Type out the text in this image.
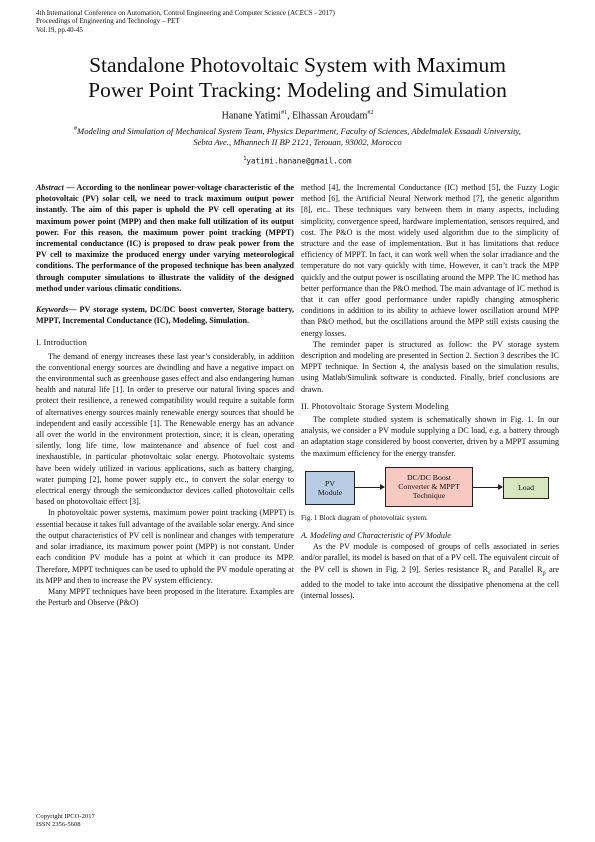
4th International Conference on Automation, Control Engineering and Computer Science (ACECS - 2017)
Proceedings of Engineering and Technology – PET
Vol.19, pp.40-45
Standalone Photovoltaic System with Maximum
Power Point Tracking: Modeling and Simulation
Hanane Yatimi$^{\#1}$, Elhassan Aroudam$^{\#2}$
#Modeling and Simulation of Mechanical System Team, Physics Department, Faculty of Sciences, Abdelmalek Essaadi University, Sebta Ave., Mhannech II BP 2121, Tetouan, 93002, Morocco
$^1$yatimi.hanane@gmail.com

Abstract — According to the nonlinear power-voltage characteristic of the photovoltaic (PV) solar cell, we need to track maximum output power instantly. The aim of this paper is uphold the PV cell operating at its maximum power point (MPP) and then make full utilization of its output power. For this reason, the maximum power point tracking (MPPT) incremental conductance (IC) is proposed to draw peak power from the PV cell to maximize the produced energy under varying meteorological conditions. The performance of the proposed technique has been analyzed through computer simulations to illustrate the validity of the designed method under various climatic conditions.

Keywords— PV storage system, DC/DC boost converter, Storage battery, MPPT, Incremental Conductance (IC), Modeling, Simulation.

I. Introduction

The demand of energy increases these last year’s considerably, in addition the conventional energy sources are dwindling and have a negative impact on the environmental such as greenhouse gases effect and also endangering human health and natural life [1]. In order to preserve our natural living spaces and protect their resilience, a renewed compatibility would require a suitable form of alternatives energy sources mainly renewable energy sources that should be independent and easily accessible [1]. The Renewable energy has an advance all over the world in the environment protection, since; it is clean, operating silently, long life time, low maintenance and absence of fuel cost and inexhaustible, in particular photovoltaic solar energy. Photovoltaic systems have been widely utilized in various applications, such as battery charging, water pumping [2], home power supply etc., to convert the solar energy to electrical energy through the semiconductor devices called photovoltaic cells based on photovoltaic effect [3].

In photovoltaic power systems, maximum power point tracking (MPPT) is essential because it takes full advantage of the available solar energy. And since the output characteristics of PV cell is nonlinear and changes with temperature and solar irradiance, its maximum power point (MPP) is not constant. Under each condition PV module has a point at which it can produce its MPP. Therefore, MPPT techniques can be used to uphold the PV module operating at its MPP and then to increase the PV system efficiency.

Many MPPT techniques have been proposed in the literature. Examples are the Perturb and Observe (P&O)

method [4], the Incremental Conductance (IC) method [5], the Fuzzy Logic method [6], the Artificial Neural Network method [7], the genetic algorithm [8], etc.. These techniques vary between them in many aspects, including simplicity, convergence speed, hardware implementation, sensors required, and cost. The P&O is the most widely used algorithm due to the simplicity of structure and the ease of implementation. But it has limitations that reduce efficiency of MPPT. In fact, it can work well when the solar irradiance and the temperature do not vary quickly with time. However, it can’t track the MPP quickly and the output power is oscillating around the MPP. The IC method has better performance than the P&O method. The main advantage of IC method is that it can offer good performance under rapidly changing atmospheric conditions in addition to its ability to achieve lower oscillation around MPP than P&O method, but the oscillations around the MPP still exists causing the energy losses.

The reminder paper is structured as follow: the PV storage system description and modeling are presented in Section 2. Section 3 describes the IC MPPT technique. In Section 4, the analysis based on the simulation results, using Matlab/Simulink software is conducted. Finally, brief conclusions are drawn.

II. Photovoltaic Storage System Modeling

The complete studied system is schematically shown in Fig. 1. In our analysis, we consider a PV module supplying a DC load, e.g. a battery through an adaptation stage considered by boost converter, driven by a MPPT assuming the maximum efficiency for the energy transfer.

PV
Module
DC/DC Boost
Converter & MPPT
Technique
Load

Fig. 1 Block diagram of photovoltaic system.

A. Modeling and Characteristic of PV Module

As the PV module is composed of groups of cells associated in series and/or parallel, its model is based on that of a PV cell. The equivalent circuit of the PV cell is shown in Fig. 2 [9]. Series resistance $R_s$ and Parallel $R_p$ are added to the model to take into account the dissipative phenomena at the cell (internal losses).

Copyright IPCO-2017
ISSN 2356-5608
